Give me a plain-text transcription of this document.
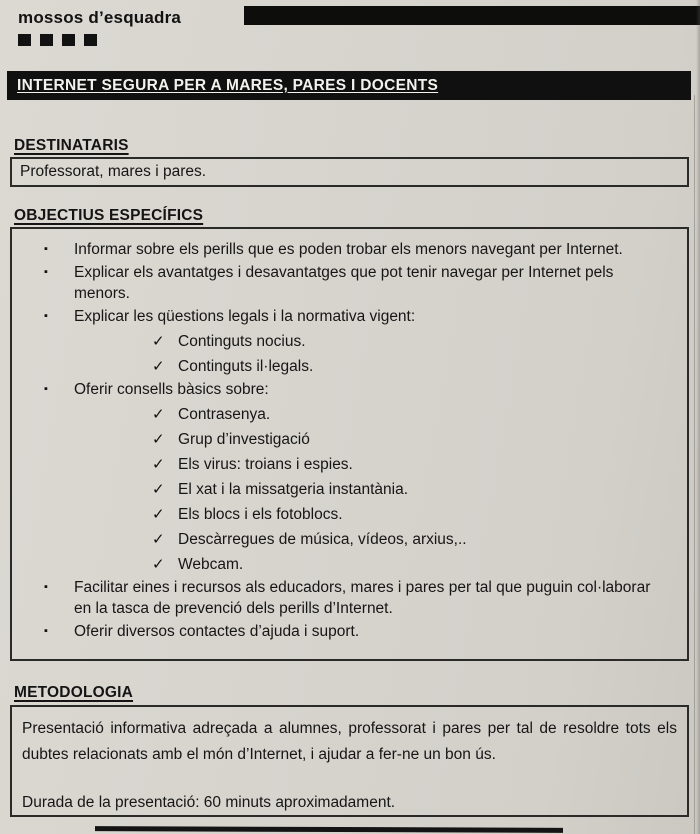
mossos d’esquadra
INTERNET SEGURA PER A MARES, PARES I DOCENTS
DESTINATARIS
Professorat, mares i pares.
OBJECTIUS ESPECÍFICS
▪	Informar sobre els perills que es poden trobar els menors navegant per Internet.
▪	Explicar els avantatges i desavantatges que pot tenir navegar per Internet pels menors.
▪	Explicar les qüestions legals i la normativa vigent:
✓ Continguts nocius.
✓ Continguts il·legals.
▪	Oferir consells bàsics sobre:
✓ Contrasenya.
✓ Grup d’investigació
✓ Els virus: troians i espies.
✓ El xat i la missatgeria instantània.
✓ Els blocs i els fotoblocs.
✓ Descàrregues de música, vídeos, arxius,..
✓ Webcam.
▪	Facilitar eines i recursos als educadors, mares i pares per tal que puguin col·laborar en la tasca de prevenció dels perills d’Internet.
▪	Oferir diversos contactes d’ajuda i suport.
METODOLOGIA
Presentació informativa adreçada a alumnes, professorat i pares per tal de resoldre tots els dubtes relacionats amb el món d’Internet, i ajudar a fer-ne un bon ús.
Durada de la presentació: 60 minuts aproximadament.
